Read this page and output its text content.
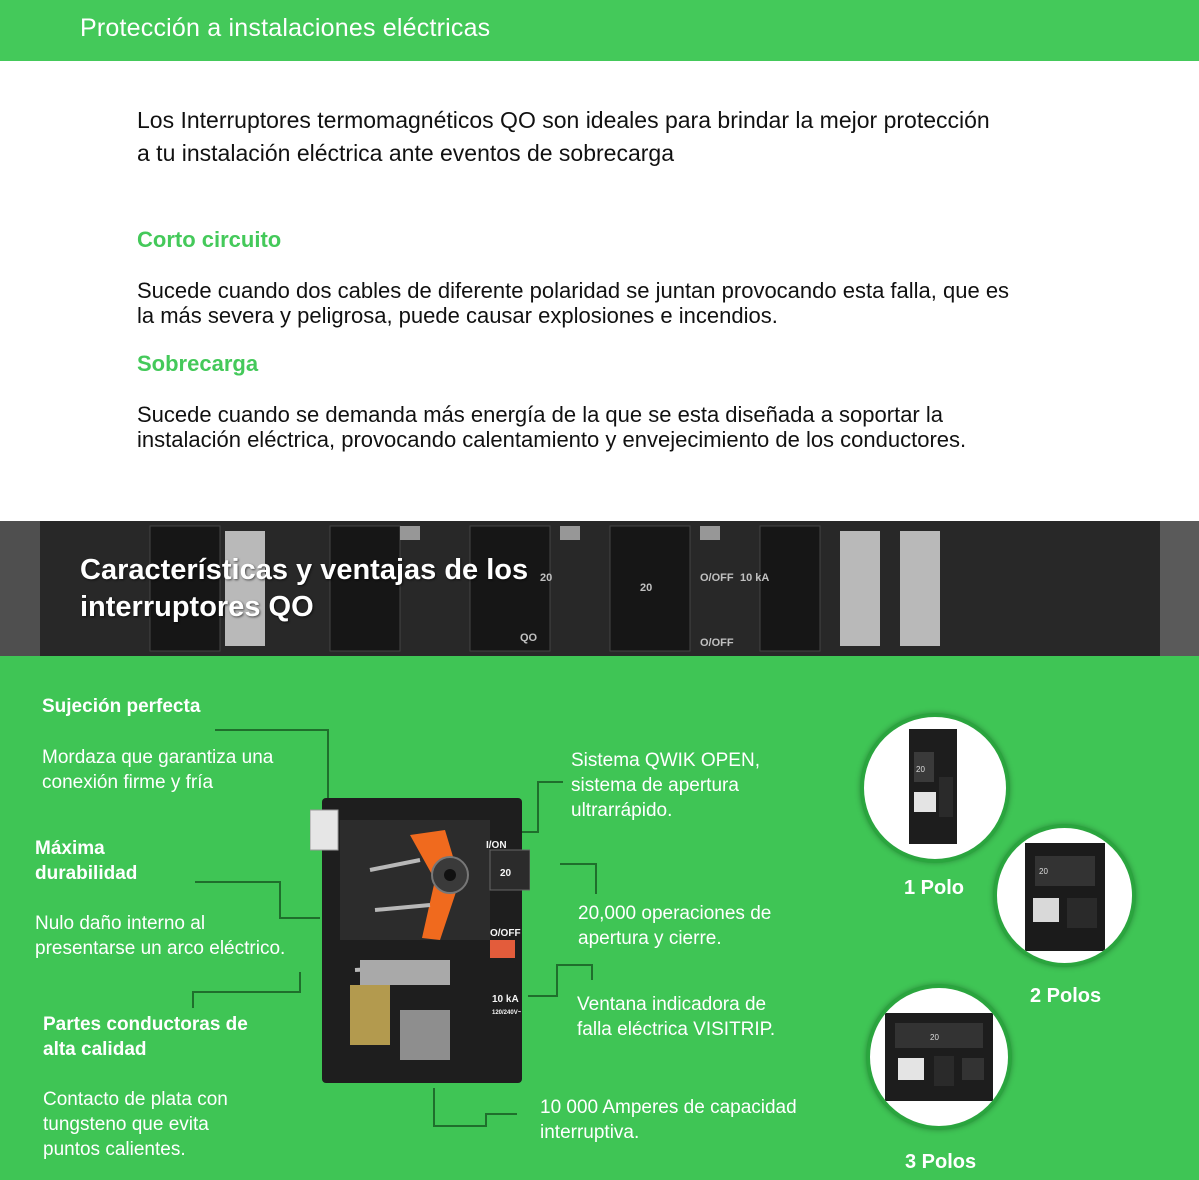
Protección a instalaciones eléctricas
Los Interruptores termomagnéticos QO son ideales para brindar la mejor protección a tu instalación eléctrica ante eventos de sobrecarga
Corto circuito
Sucede cuando dos cables de diferente polaridad se juntan provocando esta falla, que es la más severa y peligrosa, puede causar explosiones e incendios.
Sobrecarga
Sucede cuando se demanda más energía de la que se esta diseñada a soportar la instalación eléctrica, provocando calentamiento y envejecimiento de los conductores.
20
O/OFF 10 kA
QO	O/OFF
20
Características y ventajas de los
interruptores QO
Sujeción perfecta
Mordaza que garantiza una
conexión firme y fría
Máxima
durabilidad
Nulo daño interno al
presentarse un arco eléctrico.
Partes conductoras de
alta calidad
Contacto de plata con
tungsteno que evita
puntos calientes.
Sistema QWIK OPEN,
sistema de apertura
ultrarrápido.
20,000 operaciones de
apertura y cierre.
Ventana indicadora de
falla eléctrica VISITRIP.
10 000 Amperes de capacidad
interruptiva.
I/ON
20
O/OFF
10 kA
120/240V~
20
1 Polo
20
2 Polos
20
3 Polos
